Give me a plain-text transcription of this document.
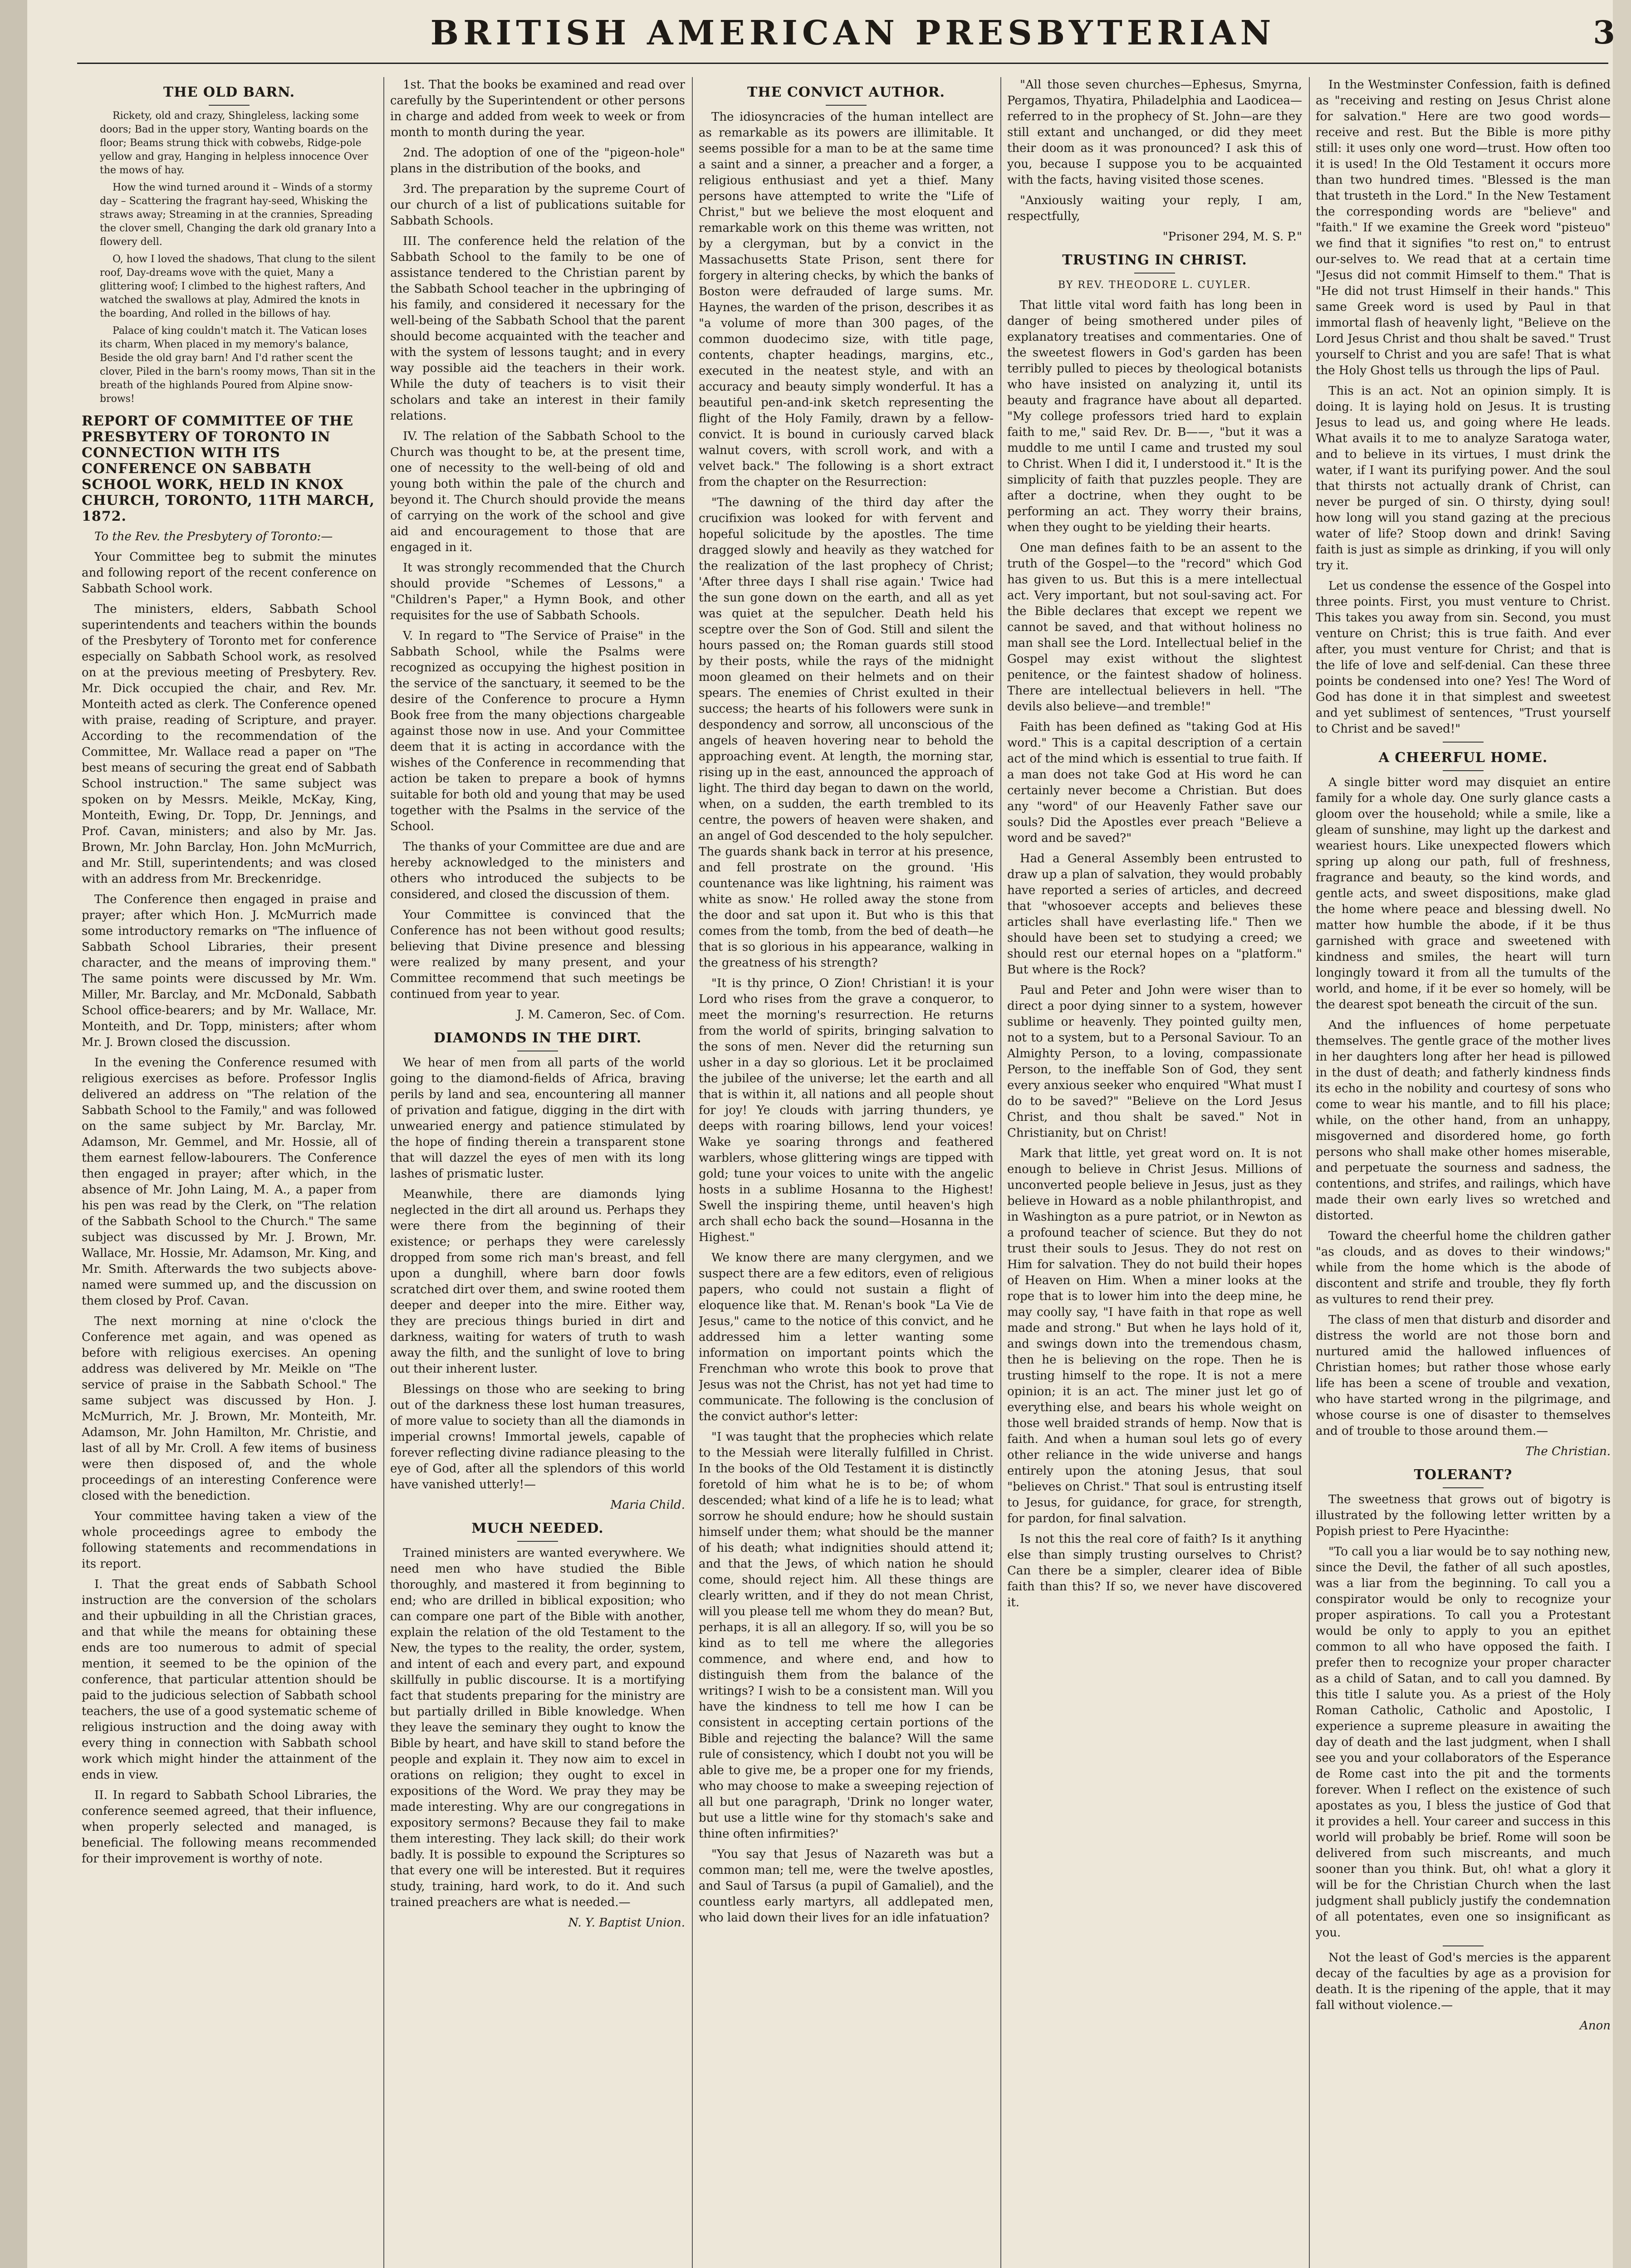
BRITISH AMERICAN PRESBYTERIAN	3
THE OLD BARN.

Rickety, old and crazy, Shingleless, lacking some doors; Bad in the upper story, Wanting boards on the floor; Beams strung thick with cobwebs, Ridge-pole yellow and gray, Hanging in helpless innocence Over the mows of hay.

How the wind turned around it – Winds of a stormy day – Scattering the fragrant hay-seed, Whisking the straws away; Streaming in at the crannies, Spreading the clover smell, Changing the dark old granary Into a flowery dell.

O, how I loved the shadows, That clung to the silent roof, Day-dreams wove with the quiet, Many a glittering woof; I climbed to the highest rafters, And watched the swallows at play, Admired the knots in the boarding, And rolled in the billows of hay.

Palace of king couldn't match it. The Vatican loses its charm, When placed in my memory's balance, Beside the old gray barn! And I'd rather scent the clover, Piled in the barn's roomy mows, Than sit in the breath of the highlands Poured from Alpine snow-brows!

REPORT OF COMMITTEE OF THE PRESBYTERY OF TORONTO IN CONNECTION WITH ITS CONFERENCE ON SABBATH SCHOOL WORK, HELD IN KNOX CHURCH, TORONTO, 11TH MARCH, 1872.

To the Rev. the Presbytery of Toronto:—

Your Committee beg to submit the minutes and following report of the recent conference on Sabbath School work.

The ministers, elders, Sabbath School superintendents and teachers within the bounds of the Presbytery of Toronto met for conference especially on Sabbath School work, as resolved on at the previous meeting of Presbytery. Rev. Mr. Dick occupied the chair, and Rev. Mr. Monteith acted as clerk. The Conference opened with praise, reading of Scripture, and prayer. According to the recommendation of the Committee, Mr. Wallace read a paper on "The best means of securing the great end of Sabbath School instruction." The same subject was spoken on by Messrs. Meikle, McKay, King, Monteith, Ewing, Dr. Topp, Dr. Jennings, and Prof. Cavan, ministers; and also by Mr. Jas. Brown, Mr. John Barclay, Hon. John McMurrich, and Mr. Still, superintendents; and was closed with an address from Mr. Breckenridge.

The Conference then engaged in praise and prayer; after which Hon. J. McMurrich made some introductory remarks on "The influence of Sabbath School Libraries, their present character, and the means of improving them." The same points were discussed by Mr. Wm. Miller, Mr. Barclay, and Mr. McDonald, Sabbath School office-bearers; and by Mr. Wallace, Mr. Monteith, and Dr. Topp, ministers; after whom Mr. J. Brown closed the discussion.

In the evening the Conference resumed with religious exercises as before. Professor Inglis delivered an address on "The relation of the Sabbath School to the Family," and was followed on the same subject by Mr. Barclay, Mr. Adamson, Mr. Gemmel, and Mr. Hossie, all of them earnest fellow-labourers. The Conference then engaged in prayer; after which, in the absence of Mr. John Laing, M. A., a paper from his pen was read by the Clerk, on "The relation of the Sabbath School to the Church." The same subject was discussed by Mr. J. Brown, Mr. Wallace, Mr. Hossie, Mr. Adamson, Mr. King, and Mr. Smith. Afterwards the two subjects above-named were summed up, and the discussion on them closed by Prof. Cavan.

The next morning at nine o'clock the Conference met again, and was opened as before with religious exercises. An opening address was delivered by Mr. Meikle on "The service of praise in the Sabbath School." The same subject was discussed by Hon. J. McMurrich, Mr. J. Brown, Mr. Monteith, Mr. Adamson, Mr. John Hamilton, Mr. Christie, and last of all by Mr. Croll. A few items of business were then disposed of, and the whole proceedings of an interesting Conference were closed with the benediction.

Your committee having taken a view of the whole proceedings agree to embody the following statements and recommendations in its report.

I. That the great ends of Sabbath School instruction are the conversion of the scholars and their upbuilding in all the Christian graces, and that while the means for obtaining these ends are too numerous to admit of special mention, it seemed to be the opinion of the conference, that particular attention should be paid to the judicious selection of Sabbath school teachers, the use of a good systematic scheme of religious instruction and the doing away with every thing in connection with Sabbath school work which might hinder the attainment of the ends in view.

II. In regard to Sabbath School Libraries, the conference seemed agreed, that their influence, when properly selected and managed, is beneficial. The following means recommended for their improvement is worthy of note.

1st. That the books be examined and read over carefully by the Superintendent or other persons in charge and added from week to week or from month to month during the year.

2nd. The adoption of one of the "pigeon-hole" plans in the distribution of the books, and

3rd. The preparation by the supreme Court of our church of a list of publications suitable for Sabbath Schools.

III. The conference held the relation of the Sabbath School to the family to be one of assistance tendered to the Christian parent by the Sabbath School teacher in the upbringing of his family, and considered it necessary for the well-being of the Sabbath School that the parent should become acquainted with the teacher and with the system of lessons taught; and in every way possible aid the teachers in their work. While the duty of teachers is to visit their scholars and take an interest in their family relations.

IV. The relation of the Sabbath School to the Church was thought to be, at the present time, one of necessity to the well-being of old and young both within the pale of the church and beyond it. The Church should provide the means of carrying on the work of the school and give aid and encouragement to those that are engaged in it.

It was strongly recommended that the Church should provide "Schemes of Lessons," a "Children's Paper," a Hymn Book, and other requisites for the use of Sabbath Schools.

V. In regard to "The Service of Praise" in the Sabbath School, while the Psalms were recognized as occupying the highest position in the service of the sanctuary, it seemed to be the desire of the Conference to procure a Hymn Book free from the many objections chargeable against those now in use. And your Committee deem that it is acting in accordance with the wishes of the Conference in recommending that action be taken to prepare a book of hymns suitable for both old and young that may be used together with the Psalms in the service of the School.

The thanks of your Committee are due and are hereby acknowledged to the ministers and others who introduced the subjects to be considered, and closed the discussion of them.

Your Committee is convinced that the Conference has not been without good results; believing that Divine presence and blessing were realized by many present, and your Committee recommend that such meetings be continued from year to year.

J. M. Cameron, Sec. of Com.

DIAMONDS IN THE DIRT.

We hear of men from all parts of the world going to the diamond-fields of Africa, braving perils by land and sea, encountering all manner of privation and fatigue, digging in the dirt with unwearied energy and patience stimulated by the hope of finding therein a transparent stone that will dazzel the eyes of men with its long lashes of prismatic luster.

Meanwhile, there are diamonds lying neglected in the dirt all around us. Perhaps they were there from the beginning of their existence; or perhaps they were carelessly dropped from some rich man's breast, and fell upon a dunghill, where barn door fowls scratched dirt over them, and swine rooted them deeper and deeper into the mire. Either way, they are precious things buried in dirt and darkness, waiting for waters of truth to wash away the filth, and the sunlight of love to bring out their inherent luster.

Blessings on those who are seeking to bring out of the darkness these lost human treasures, of more value to society than all the diamonds in imperial crowns! Immortal jewels, capable of forever reflecting divine radiance pleasing to the eye of God, after all the splendors of this world have vanished utterly!—

Maria Child.

MUCH NEEDED.

Trained ministers are wanted everywhere. We need men who have studied the Bible thoroughly, and mastered it from beginning to end; who are drilled in biblical exposition; who can compare one part of the Bible with another, explain the relation of the old Testament to the New, the types to the reality, the order, system, and intent of each and every part, and expound skillfully in public discourse. It is a mortifying fact that students preparing for the ministry are but partially drilled in Bible knowledge. When they leave the seminary they ought to know the Bible by heart, and have skill to stand before the people and explain it. They now aim to excel in orations on religion; they ought to excel in expositions of the Word. We pray they may be made interesting. Why are our congregations in expository sermons? Because they fail to make them interesting. They lack skill; do their work badly. It is possible to expound the Scriptures so that every one will be interested. But it requires study, training, hard work, to do it. And such trained preachers are what is needed.—

N. Y. Baptist Union.

THE CONVICT AUTHOR.

The idiosyncracies of the human intellect are as remarkable as its powers are illimitable. It seems possible for a man to be at the same time a saint and a sinner, a preacher and a forger, a religious enthusiast and yet a thief. Many persons have attempted to write the "Life of Christ," but we believe the most eloquent and remarkable work on this theme was written, not by a clergyman, but by a convict in the Massachusetts State Prison, sent there for forgery in altering checks, by which the banks of Boston were defrauded of large sums. Mr. Haynes, the warden of the prison, describes it as "a volume of more than 300 pages, of the common duodecimo size, with title page, contents, chapter headings, margins, etc., executed in the neatest style, and with an accuracy and beauty simply wonderful. It has a beautiful pen-and-ink sketch representing the flight of the Holy Family, drawn by a fellow-convict. It is bound in curiously carved black walnut covers, with scroll work, and with a velvet back." The following is a short extract from the chapter on the Resurrection:

"The dawning of the third day after the crucifixion was looked for with fervent and hopeful solicitude by the apostles. The time dragged slowly and heavily as they watched for the realization of the last prophecy of Christ; 'After three days I shall rise again.' Twice had the sun gone down on the earth, and all as yet was quiet at the sepulcher. Death held his sceptre over the Son of God. Still and silent the hours passed on; the Roman guards still stood by their posts, while the rays of the midnight moon gleamed on their helmets and on their spears. The enemies of Christ exulted in their success; the hearts of his followers were sunk in despondency and sorrow, all unconscious of the angels of heaven hovering near to behold the approaching event. At length, the morning star, rising up in the east, announced the approach of light. The third day began to dawn on the world, when, on a sudden, the earth trembled to its centre, the powers of heaven were shaken, and an angel of God descended to the holy sepulcher. The guards shank back in terror at his presence, and fell prostrate on the ground. 'His countenance was like lightning, his raiment was white as snow.' He rolled away the stone from the door and sat upon it. But who is this that comes from the tomb, from the bed of death—he that is so glorious in his appearance, walking in the greatness of his strength?

"It is thy prince, O Zion! Christian! it is your Lord who rises from the grave a conqueror, to meet the morning's resurrection. He returns from the world of spirits, bringing salvation to the sons of men. Never did the returning sun usher in a day so glorious. Let it be proclaimed the jubilee of the universe; let the earth and all that is within it, all nations and all people shout for joy! Ye clouds with jarring thunders, ye deeps with roaring billows, lend your voices! Wake ye soaring throngs and feathered warblers, whose glittering wings are tipped with gold; tune your voices to unite with the angelic hosts in a sublime Hosanna to the Highest! Swell the inspiring theme, until heaven's high arch shall echo back the sound—Hosanna in the Highest."

We know there are many clergymen, and we suspect there are a few editors, even of religious papers, who could not sustain a flight of eloquence like that. M. Renan's book "La Vie de Jesus," came to the notice of this convict, and he addressed him a letter wanting some information on important points which the Frenchman who wrote this book to prove that Jesus was not the Christ, has not yet had time to communicate. The following is the conclusion of the convict author's letter:

"I was taught that the prophecies which relate to the Messiah were literally fulfilled in Christ. In the books of the Old Testament it is distinctly foretold of him what he is to be; of whom descended; what kind of a life he is to lead; what sorrow he should endure; how he should sustain himself under them; what should be the manner of his death; what indignities should attend it; and that the Jews, of which nation he should come, should reject him. All these things are clearly written, and if they do not mean Christ, will you please tell me whom they do mean? But, perhaps, it is all an allegory. If so, will you be so kind as to tell me where the allegories commence, and where end, and how to distinguish them from the balance of the writings? I wish to be a consistent man. Will you have the kindness to tell me how I can be consistent in accepting certain portions of the Bible and rejecting the balance? Will the same rule of consistency, which I doubt not you will be able to give me, be a proper one for my friends, who may choose to make a sweeping rejection of all but one paragraph, 'Drink no longer water, but use a little wine for thy stomach's sake and thine often infirmities?'

"You say that Jesus of Nazareth was but a common man; tell me, were the twelve apostles, and Saul of Tarsus (a pupil of Gamaliel), and the countless early martyrs, all addlepated men, who laid down their lives for an idle infatuation?

"All those seven churches—Ephesus, Smyrna, Pergamos, Thyatira, Philadelphia and Laodicea—referred to in the prophecy of St. John—are they still extant and unchanged, or did they meet their doom as it was pronounced? I ask this of you, because I suppose you to be acquainted with the facts, having visited those scenes.

"Anxiously waiting your reply, I am, respectfully,

"Prisoner 294, M. S. P."

TRUSTING IN CHRIST.
BY REV. THEODORE L. CUYLER.

That little vital word faith has long been in danger of being smothered under piles of explanatory treatises and commentaries. One of the sweetest flowers in God's garden has been terribly pulled to pieces by theological botanists who have insisted on analyzing it, until its beauty and fragrance have about all departed. "My college professors tried hard to explain faith to me," said Rev. Dr. B——, "but it was a muddle to me until I came and trusted my soul to Christ. When I did it, I understood it." It is the simplicity of faith that puzzles people. They are after a doctrine, when they ought to be performing an act. They worry their brains, when they ought to be yielding their hearts.

One man defines faith to be an assent to the truth of the Gospel—to the "record" which God has given to us. But this is a mere intellectual act. Very important, but not soul-saving act. For the Bible declares that except we repent we cannot be saved, and that without holiness no man shall see the Lord. Intellectual belief in the Gospel may exist without the slightest penitence, or the faintest shadow of holiness. There are intellectual believers in hell. "The devils also believe—and tremble!"

Faith has been defined as "taking God at His word." This is a capital description of a certain act of the mind which is essential to true faith. If a man does not take God at His word he can certainly never become a Christian. But does any "word" of our Heavenly Father save our souls? Did the Apostles ever preach "Believe a word and be saved?"

Had a General Assembly been entrusted to draw up a plan of salvation, they would probably have reported a series of articles, and decreed that "whosoever accepts and believes these articles shall have everlasting life." Then we should have been set to studying a creed; we should rest our eternal hopes on a "platform." But where is the Rock?

Paul and Peter and John were wiser than to direct a poor dying sinner to a system, however sublime or heavenly. They pointed guilty men, not to a system, but to a Personal Saviour. To an Almighty Person, to a loving, compassionate Person, to the ineffable Son of God, they sent every anxious seeker who enquired "What must I do to be saved?" "Believe on the Lord Jesus Christ, and thou shalt be saved." Not in Christianity, but on Christ!

Mark that little, yet great word on. It is not enough to believe in Christ Jesus. Millions of unconverted people believe in Jesus, just as they believe in Howard as a noble philanthropist, and in Washington as a pure patriot, or in Newton as a profound teacher of science. But they do not trust their souls to Jesus. They do not rest on Him for salvation. They do not build their hopes of Heaven on Him. When a miner looks at the rope that is to lower him into the deep mine, he may coolly say, "I have faith in that rope as well made and strong." But when he lays hold of it, and swings down into the tremendous chasm, then he is believing on the rope. Then he is trusting himself to the rope. It is not a mere opinion; it is an act. The miner just let go of everything else, and bears his whole weight on those well braided strands of hemp. Now that is faith. And when a human soul lets go of every other reliance in the wide universe and hangs entirely upon the atoning Jesus, that soul "believes on Christ." That soul is entrusting itself to Jesus, for guidance, for grace, for strength, for pardon, for final salvation.

Is not this the real core of faith? Is it anything else than simply trusting ourselves to Christ? Can there be a simpler, clearer idea of Bible faith than this? If so, we never have discovered it.

In the Westminster Confession, faith is defined as "receiving and resting on Jesus Christ alone for salvation." Here are two good words—receive and rest. But the Bible is more pithy still: it uses only one word—trust. How often too it is used! In the Old Testament it occurs more than two hundred times. "Blessed is the man that trusteth in the Lord." In the New Testament the corresponding words are "believe" and "faith." If we examine the Greek word "pisteuo" we find that it signifies "to rest on," to entrust our-selves to. We read that at a certain time "Jesus did not commit Himself to them." That is "He did not trust Himself in their hands." This same Greek word is used by Paul in that immortal flash of heavenly light, "Believe on the Lord Jesus Christ and thou shalt be saved." Trust yourself to Christ and you are safe! That is what the Holy Ghost tells us through the lips of Paul.

This is an act. Not an opinion simply. It is doing. It is laying hold on Jesus. It is trusting Jesus to lead us, and going where He leads. What avails it to me to analyze Saratoga water, and to believe in its virtues, I must drink the water, if I want its purifying power. And the soul that thirsts not actually drank of Christ, can never be purged of sin. O thirsty, dying soul! how long will you stand gazing at the precious water of life? Stoop down and drink! Saving faith is just as simple as drinking, if you will only try it.

Let us condense the essence of the Gospel into three points. First, you must venture to Christ. This takes you away from sin. Second, you must venture on Christ; this is true faith. And ever after, you must venture for Christ; and that is the life of love and self-denial. Can these three points be condensed into one? Yes! The Word of God has done it in that simplest and sweetest and yet sublimest of sentences, "Trust yourself to Christ and be saved!"

A CHEERFUL HOME.

A single bitter word may disquiet an entire family for a whole day. One surly glance casts a gloom over the household; while a smile, like a gleam of sunshine, may light up the darkest and weariest hours. Like unexpected flowers which spring up along our path, full of freshness, fragrance and beauty, so the kind words, and gentle acts, and sweet dispositions, make glad the home where peace and blessing dwell. No matter how humble the abode, if it be thus garnished with grace and sweetened with kindness and smiles, the heart will turn longingly toward it from all the tumults of the world, and home, if it be ever so homely, will be the dearest spot beneath the circuit of the sun.

And the influences of home perpetuate themselves. The gentle grace of the mother lives in her daughters long after her head is pillowed in the dust of death; and fatherly kindness finds its echo in the nobility and courtesy of sons who come to wear his mantle, and to fill his place; while, on the other hand, from an unhappy, misgoverned and disordered home, go forth persons who shall make other homes miserable, and perpetuate the sourness and sadness, the contentions, and strifes, and railings, which have made their own early lives so wretched and distorted.

Toward the cheerful home the children gather "as clouds, and as doves to their windows;" while from the home which is the abode of discontent and strife and trouble, they fly forth as vultures to rend their prey.

The class of men that disturb and disorder and distress the world are not those born and nurtured amid the hallowed influences of Christian homes; but rather those whose early life has been a scene of trouble and vexation, who have started wrong in the pilgrimage, and whose course is one of disaster to themselves and of trouble to those around them.—

The Christian.

TOLERANT?

The sweetness that grows out of bigotry is illustrated by the following letter written by a Popish priest to Pere Hyacinthe:

"To call you a liar would be to say nothing new, since the Devil, the father of all such apostles, was a liar from the beginning. To call you a conspirator would be only to recognize your proper aspirations. To call you a Protestant would be only to apply to you an epithet common to all who have opposed the faith. I prefer then to recognize your proper character as a child of Satan, and to call you damned. By this title I salute you. As a priest of the Holy Roman Catholic, Catholic and Apostolic, I experience a supreme pleasure in awaiting the day of death and the last judgment, when I shall see you and your collaborators of the Esperance de Rome cast into the pit and the torments forever. When I reflect on the existence of such apostates as you, I bless the justice of God that it provides a hell. Your career and success in this world will probably be brief. Rome will soon be delivered from such miscreants, and much sooner than you think. But, oh! what a glory it will be for the Christian Church when the last judgment shall publicly justify the condemnation of all potentates, even one so insignificant as you.

Not the least of God's mercies is the apparent decay of the faculties by age as a provision for death. It is the ripening of the apple, that it may fall without violence.—

Anon
